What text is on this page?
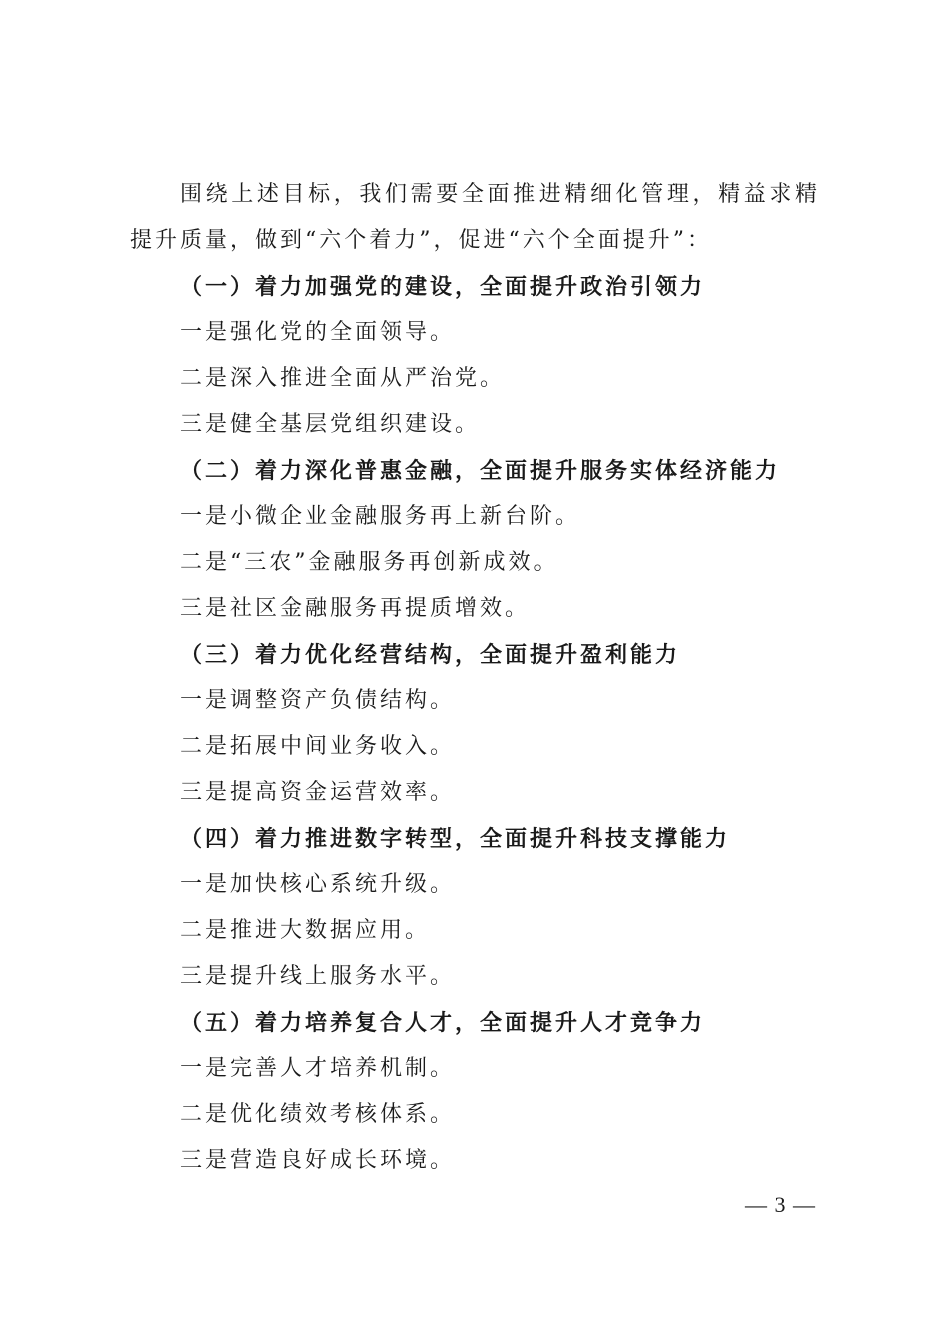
围绕上述目标，我们需要全面推进精细化管理，精益求精提升质量，做到“六个着力”，促进“六个全面提升”：

（一）着力加强党的建设，全面提升政治引领力

一是强化党的全面领导。

二是深入推进全面从严治党。

三是健全基层党组织建设。

（二）着力深化普惠金融，全面提升服务实体经济能力

一是小微企业金融服务再上新台阶。

二是“三农”金融服务再创新成效。

三是社区金融服务再提质增效。

（三）着力优化经营结构，全面提升盈利能力

一是调整资产负债结构。

二是拓展中间业务收入。

三是提高资金运营效率。

（四）着力推进数字转型，全面提升科技支撑能力

一是加快核心系统升级。

二是推进大数据应用。

三是提升线上服务水平。

（五）着力培养复合人才，全面提升人才竞争力

一是完善人才培养机制。

二是优化绩效考核体系。

三是营造良好成长环境。

— 3 —
